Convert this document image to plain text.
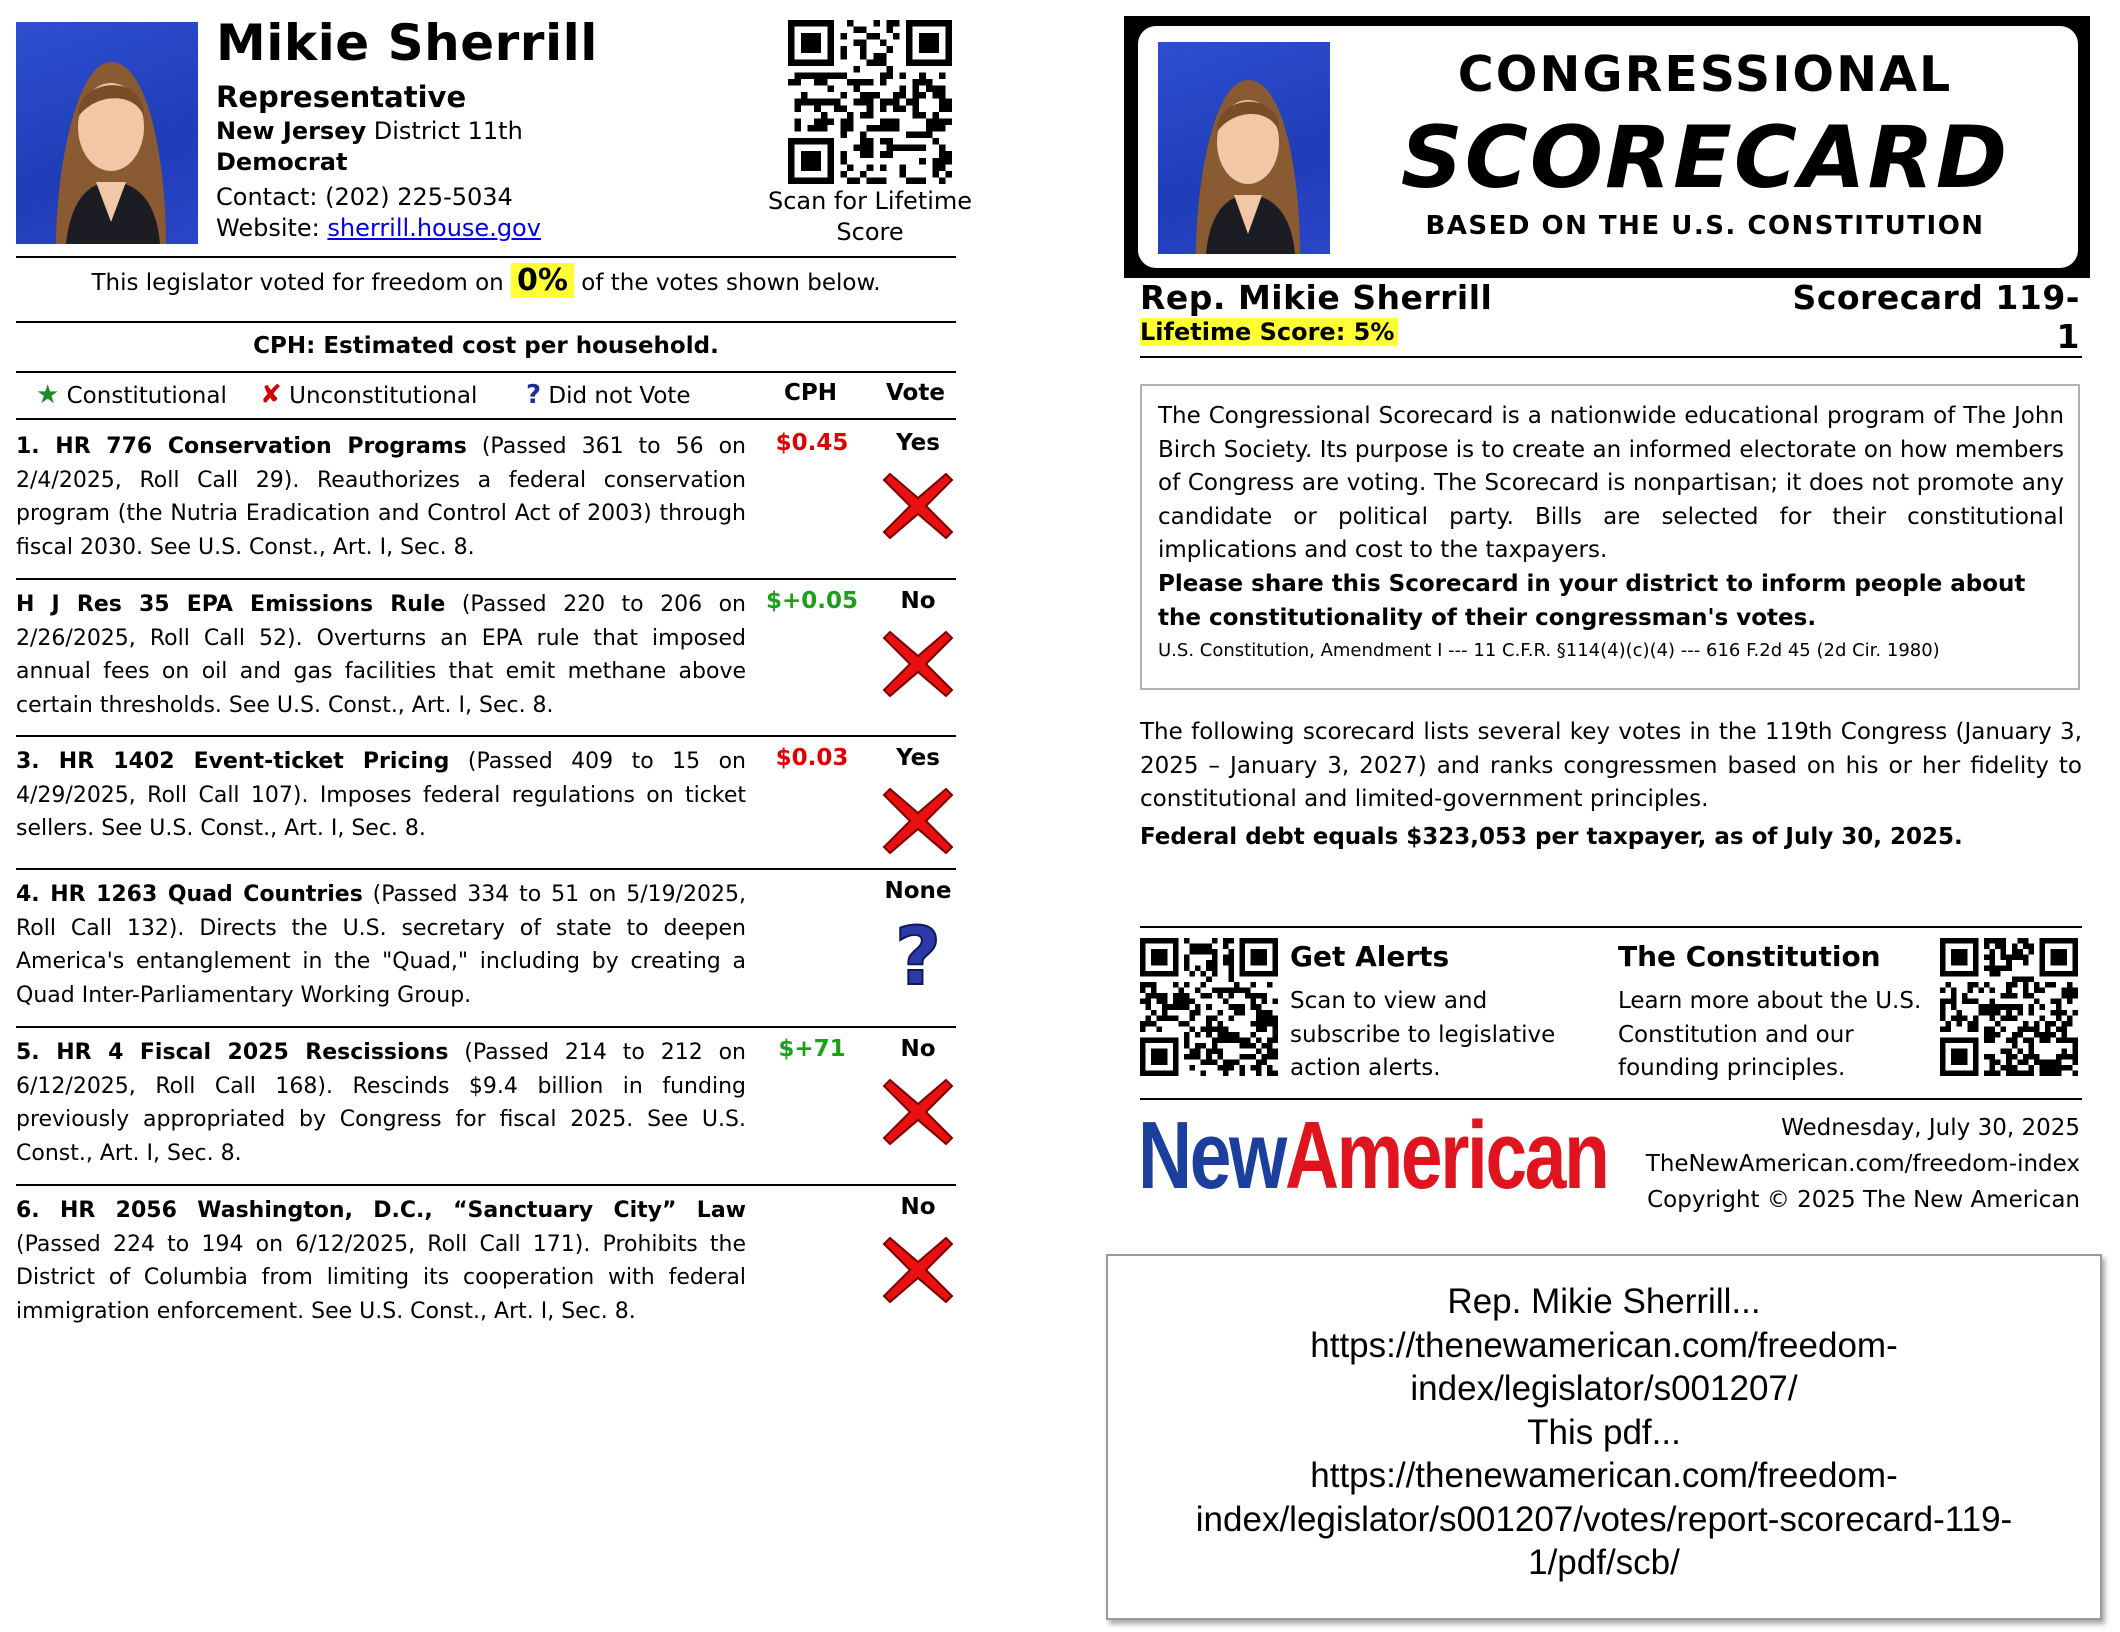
Mikie Sherrill
Representative
New Jersey District 11th
Democrat
Contact: (202) 225-5034
Website: sherrill.house.gov
Scan for Lifetime Score
This legislator voted for freedom on 0% of the votes shown below.
CPH: Estimated cost per household.
★ Constitutional ✘ Unconstitutional ? Did not Vote	CPH Vote
1. HR 776 Conservation Programs (Passed 361 to 56 on 2/4/2025, Roll Call 29). Reauthorizes a federal conservation program (the Nutria Eradication and Control Act of 2003) through fiscal 2030. See U.S. Const., Art. I, Sec. 8.
$0.45	Yes
H J Res 35 EPA Emissions Rule (Passed 220 to 206 on 2/26/2025, Roll Call 52). Overturns an EPA rule that imposed annual fees on oil and gas facilities that emit methane above certain thresholds. See U.S. Const., Art. I, Sec. 8.
$+0.05	No
3. HR 1402 Event-ticket Pricing (Passed 409 to 15 on 4/29/2025, Roll Call 107). Imposes federal regulations on ticket sellers. See U.S. Const., Art. I, Sec. 8.
$0.03	Yes
4. HR 1263 Quad Countries (Passed 334 to 51 on 5/19/2025, Roll Call 132). Directs the U.S. secretary of state to deepen America's entanglement in the "Quad," including by creating a Quad Inter-Parliamentary Working Group.
None
?
5. HR 4 Fiscal 2025 Rescissions (Passed 214 to 212 on 6/12/2025, Roll Call 168). Rescinds $9.4 billion in funding previously appropriated by Congress for fiscal 2025. See U.S. Const., Art. I, Sec. 8.
$+71	No
6. HR 2056 Washington, D.C., “Sanctuary City” Law (Passed 224 to 194 on 6/12/2025, Roll Call 171). Prohibits the District of Columbia from limiting its cooperation with federal immigration enforcement. See U.S. Const., Art. I, Sec. 8.
No
CONGRESSIONAL
SCORECARD
BASED ON THE U.S. CONSTITUTION
Rep. Mikie Sherrill	Scorecard 119-1
Lifetime Score: 5%
The Congressional Scorecard is a nationwide educational program of The John Birch Society. Its purpose is to create an informed electorate on how members of Congress are voting. The Scorecard is nonpartisan; it does not promote any candidate or political party. Bills are selected for their constitutional implications and cost to the taxpayers.
Please share this Scorecard in your district to inform people about the constitutionality of their congressman's votes.
U.S. Constitution, Amendment I --- 11 C.F.R. §114(4)(c)(4) --- 616 F.2d 45 (2d Cir. 1980)
The following scorecard lists several key votes in the 119th Congress (January 3, 2025 – January 3, 2027) and ranks congressmen based on his or her fidelity to constitutional and limited-government principles.
Federal debt equals $323,053 per taxpayer, as of July 30, 2025.
Get Alerts
Scan to view and subscribe to legislative action alerts.
The Constitution
Learn more about the U.S. Constitution and our founding principles.
NewAmerican	Wednesday, July 30, 2025
TheNewAmerican.com/freedom-index
Copyright © 2025 The New American
Rep. Mikie Sherrill...
https://thenewamerican.com/freedom-
index/legislator/s001207/
This pdf...
https://thenewamerican.com/freedom-
index/legislator/s001207/votes/report-scorecard-119-
1/pdf/scb/
